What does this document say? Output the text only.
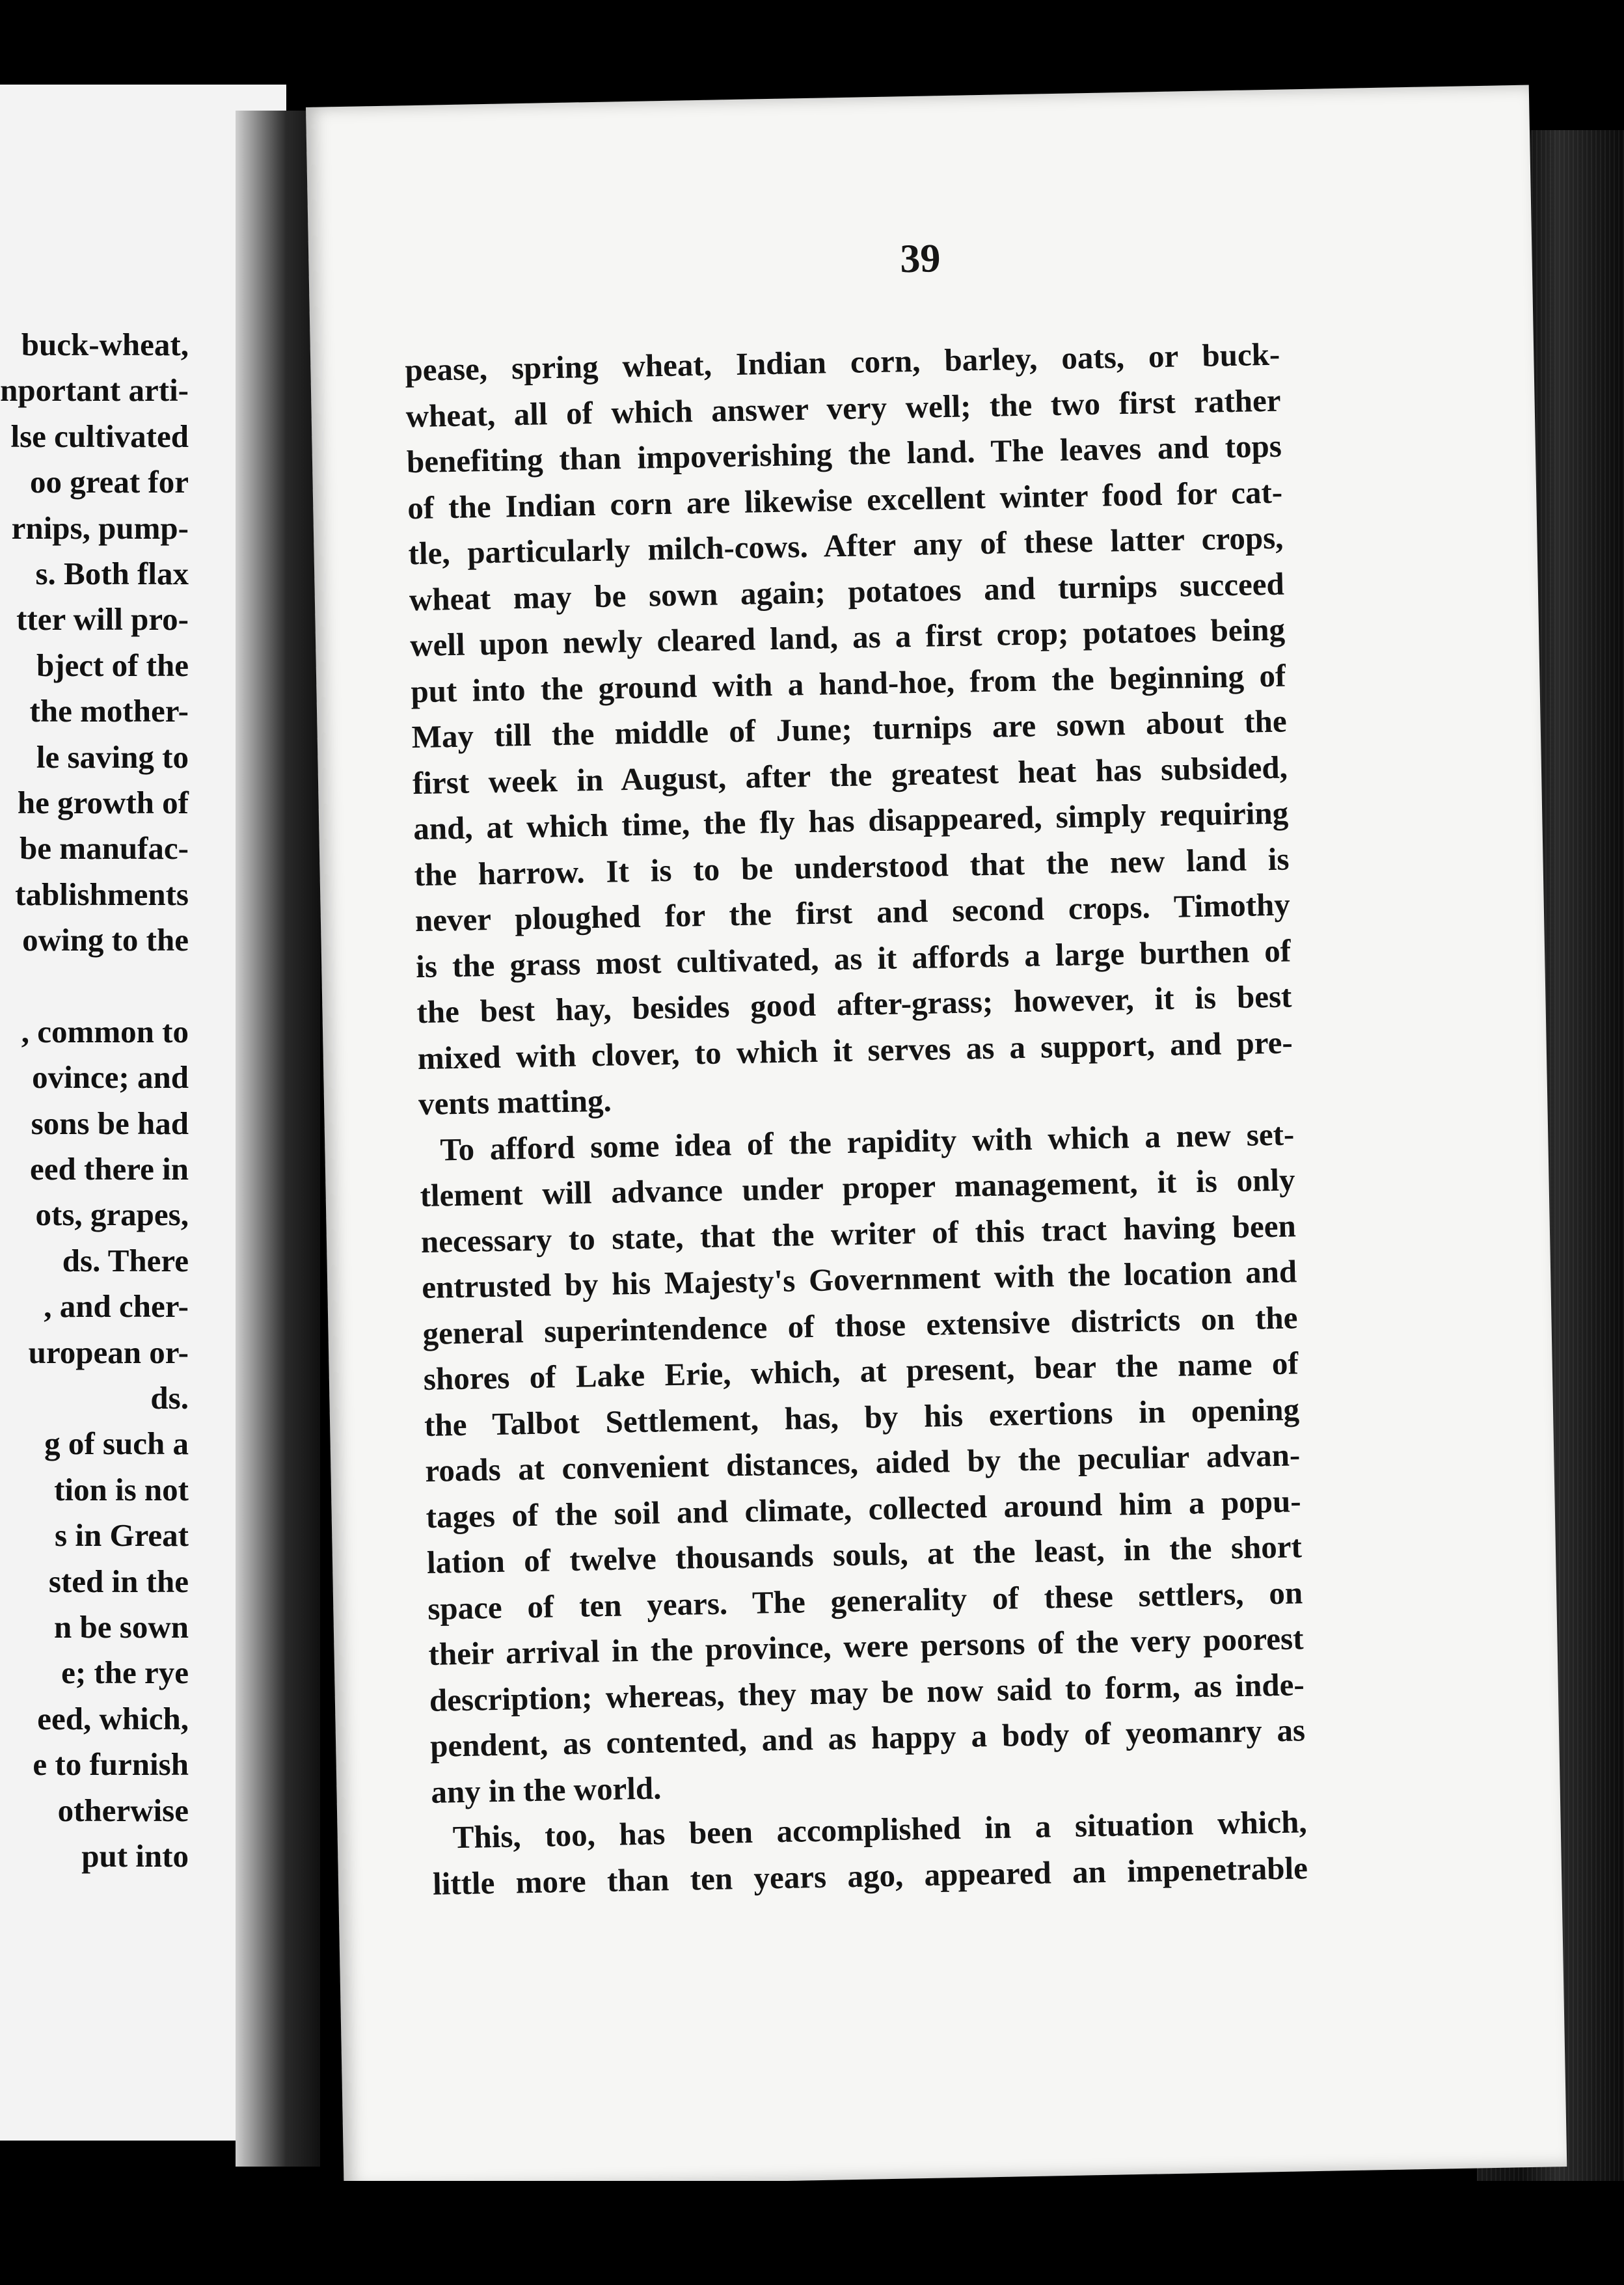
buck-wheat,
nportant arti-
lse cultivated
oo great for
rnips, pump-
s. Both flax
tter will pro-
bject of the
the mother-
le saving to
he growth of
be manufac-
tablishments
owing to the
, common to
ovince; and
sons be had
eed there in
ots, grapes,
ds. There
, and cher-
uropean or-
ds.
g of such a
tion is not
s in Great
sted in the
n be sown
e; the rye
eed, which,
e to furnish
otherwise
put into
39
pease, spring wheat, Indian corn, barley, oats, or buck-
wheat, all of which answer very well; the two first rather
benefiting than impoverishing the land. The leaves and tops
of the Indian corn are likewise excellent winter food for cat-
tle, particularly milch-cows. After any of these latter crops,
wheat may be sown again; potatoes and turnips succeed
well upon newly cleared land, as a first crop; potatoes being
put into the ground with a hand-hoe, from the beginning of
May till the middle of June; turnips are sown about the
first week in August, after the greatest heat has subsided,
and, at which time, the fly has disappeared, simply requiring
the harrow. It is to be understood that the new land is
never ploughed for the first and second crops. Timothy
is the grass most cultivated, as it affords a large burthen of
the best hay, besides good after-grass; however, it is best
mixed with clover, to which it serves as a support, and pre-
vents matting.
To afford some idea of the rapidity with which a new set-
tlement will advance under proper management, it is only
necessary to state, that the writer of this tract having been
entrusted by his Majesty's Government with the location and
general superintendence of those extensive districts on the
shores of Lake Erie, which, at present, bear the name of
the Talbot Settlement, has, by his exertions in opening
roads at convenient distances, aided by the peculiar advan-
tages of the soil and climate, collected around him a popu-
lation of twelve thousands souls, at the least, in the short
space of ten years. The generality of these settlers, on
their arrival in the province, were persons of the very poorest
description; whereas, they may be now said to form, as inde-
pendent, as contented, and as happy a body of yeomanry as
any in the world.
This, too, has been accomplished in a situation which,
little more than ten years ago, appeared an impenetrable
